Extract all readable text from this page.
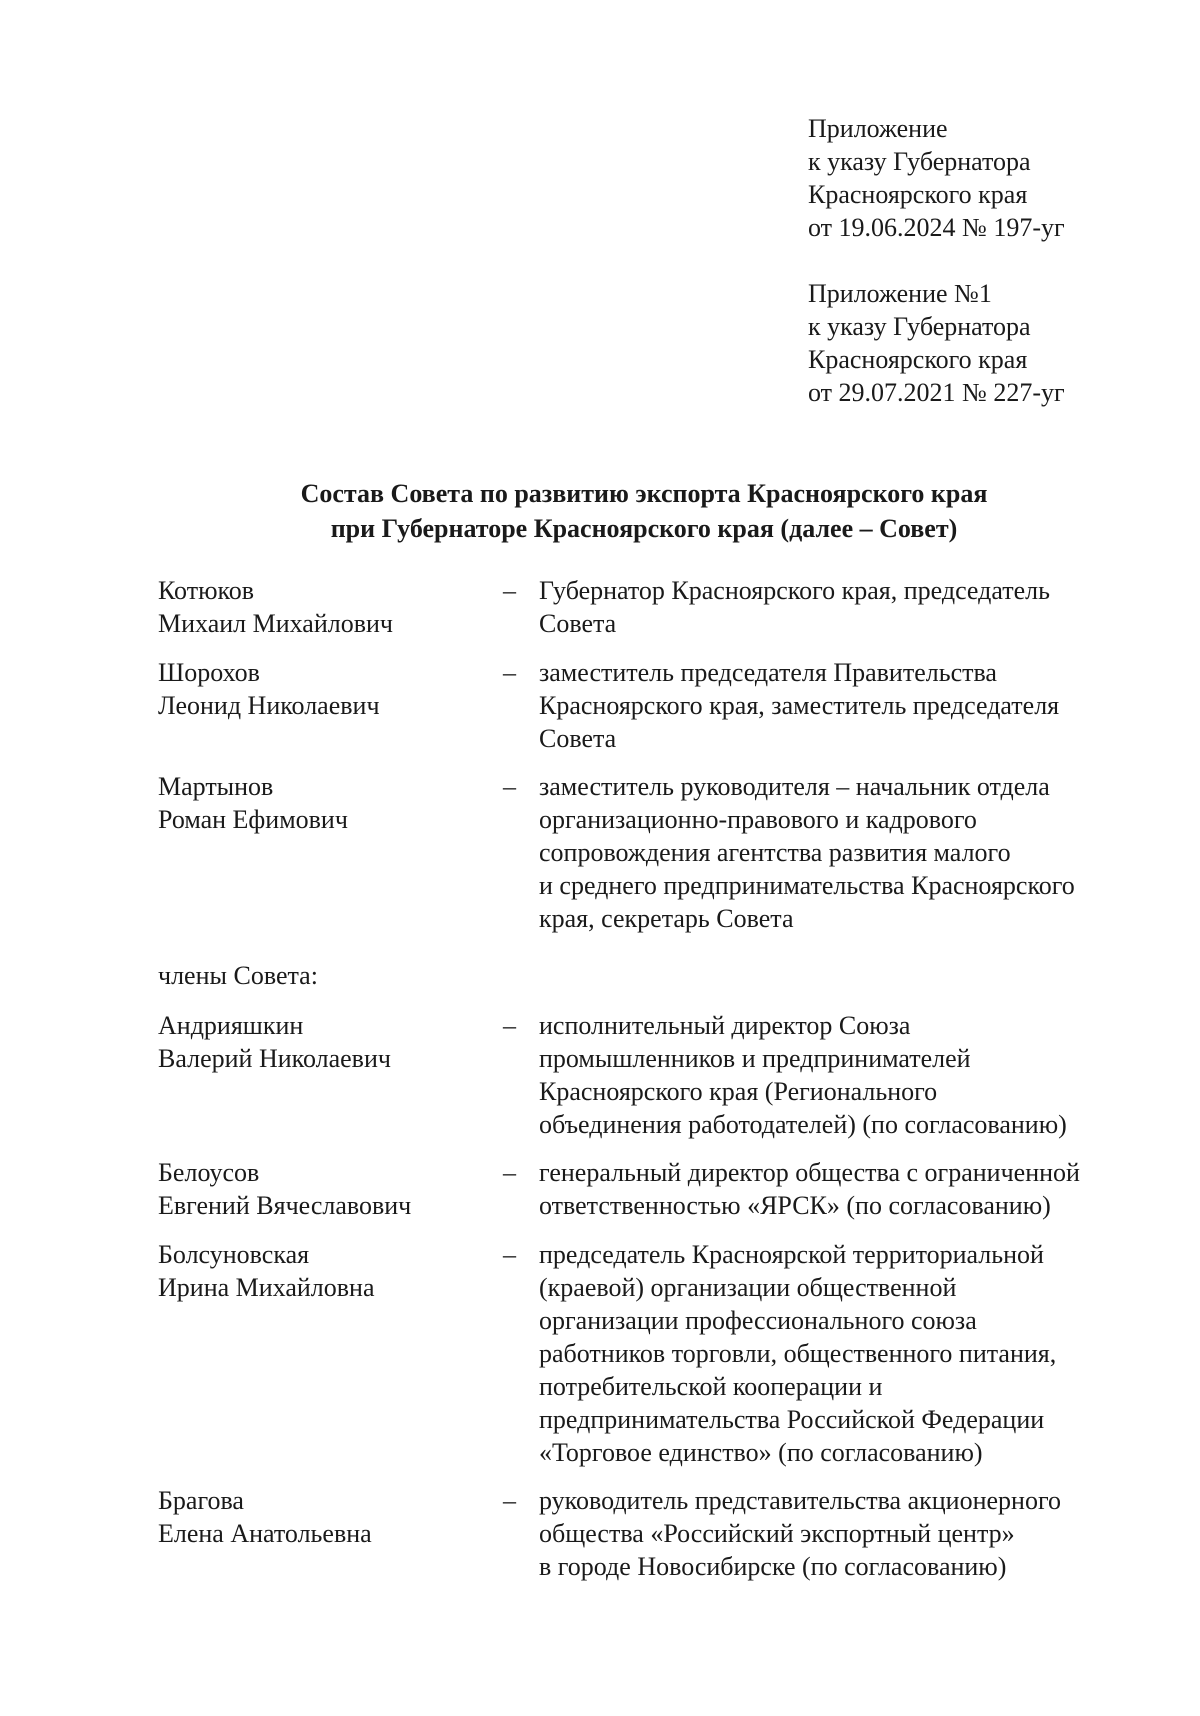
Приложение
к указу Губернатора
Красноярского края
от 19.06.2024 № 197-уг
Приложение №1
к указу Губернатора
Красноярского края
от 29.07.2021 № 227-уг
Состав Совета по развитию экспорта Красноярского края
при Губернаторе Красноярского края (далее – Совет)
Котюков
Михаил Михайлович
– Губернатор Красноярского края, председатель
Совета
Шорохов
Леонид Николаевич
– заместитель председателя Правительства
Красноярского края, заместитель председателя
Совета
Мартынов
Роман Ефимович
– заместитель руководителя – начальник отдела
организационно-правового и кадрового
сопровождения агентства развития малого
и среднего предпринимательства Красноярского
края, секретарь Совета
члены Совета:
Андрияшкин
Валерий Николаевич
– исполнительный директор Союза
промышленников и предпринимателей
Красноярского края (Регионального
объединения работодателей) (по согласованию)
Белоусов
Евгений Вячеславович
– генеральный директор общества с ограниченной
ответственностью «ЯРСК» (по согласованию)
Болсуновская
Ирина Михайловна
– председатель Красноярской территориальной
(краевой) организации общественной
организации профессионального союза
работников торговли, общественного питания,
потребительской кооперации и
предпринимательства Российской Федерации
«Торговое единство» (по согласованию)
Брагова
Елена Анатольевна
– руководитель представительства акционерного
общества «Российский экспортный центр»
в городе Новосибирске (по согласованию)
